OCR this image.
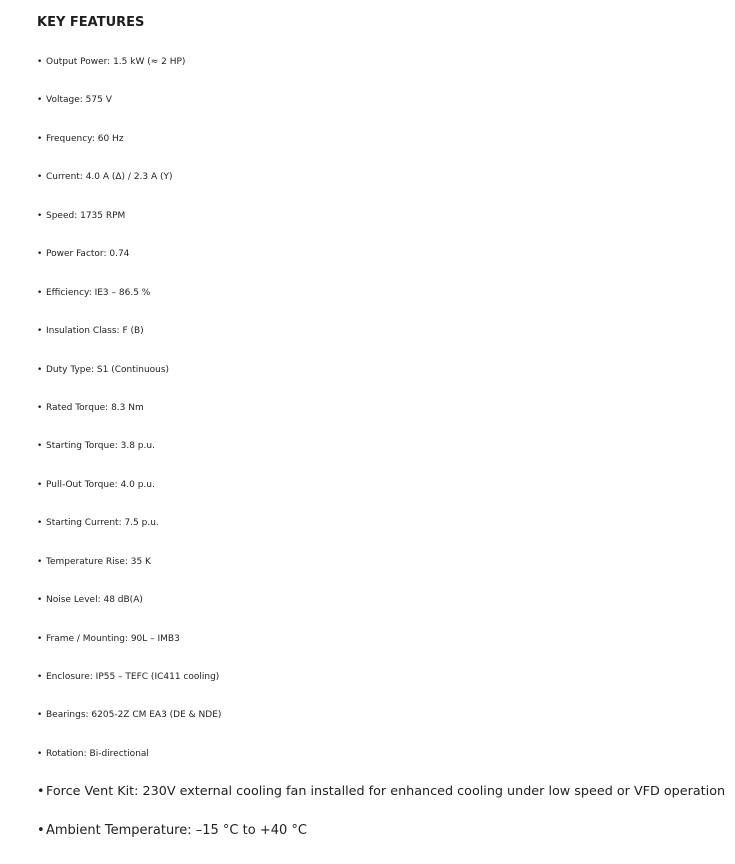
KEY FEATURES
• Output Power: 1.5 kW (≈ 2 HP)
• Voltage: 575 V
• Frequency: 60 Hz
• Current: 4.0 A (Δ) / 2.3 A (Y)
• Speed: 1735 RPM
• Power Factor: 0.74
• Efficiency: IE3 – 86.5 %
• Insulation Class: F (B)
• Duty Type: S1 (Continuous)
• Rated Torque: 8.3 Nm
• Starting Torque: 3.8 p.u.
• Pull-Out Torque: 4.0 p.u.
• Starting Current: 7.5 p.u.
• Temperature Rise: 35 K
• Noise Level: 48 dB(A)
• Frame / Mounting: 90L – IMB3
• Enclosure: IP55 – TEFC (IC411 cooling)
• Bearings: 6205-2Z CM EA3 (DE & NDE)
• Rotation: Bi-directional
•Force Vent Kit: 230V external cooling fan installed for enhanced cooling under low speed or VFD operation
•Ambient Temperature: –15 °C to +40 °C
